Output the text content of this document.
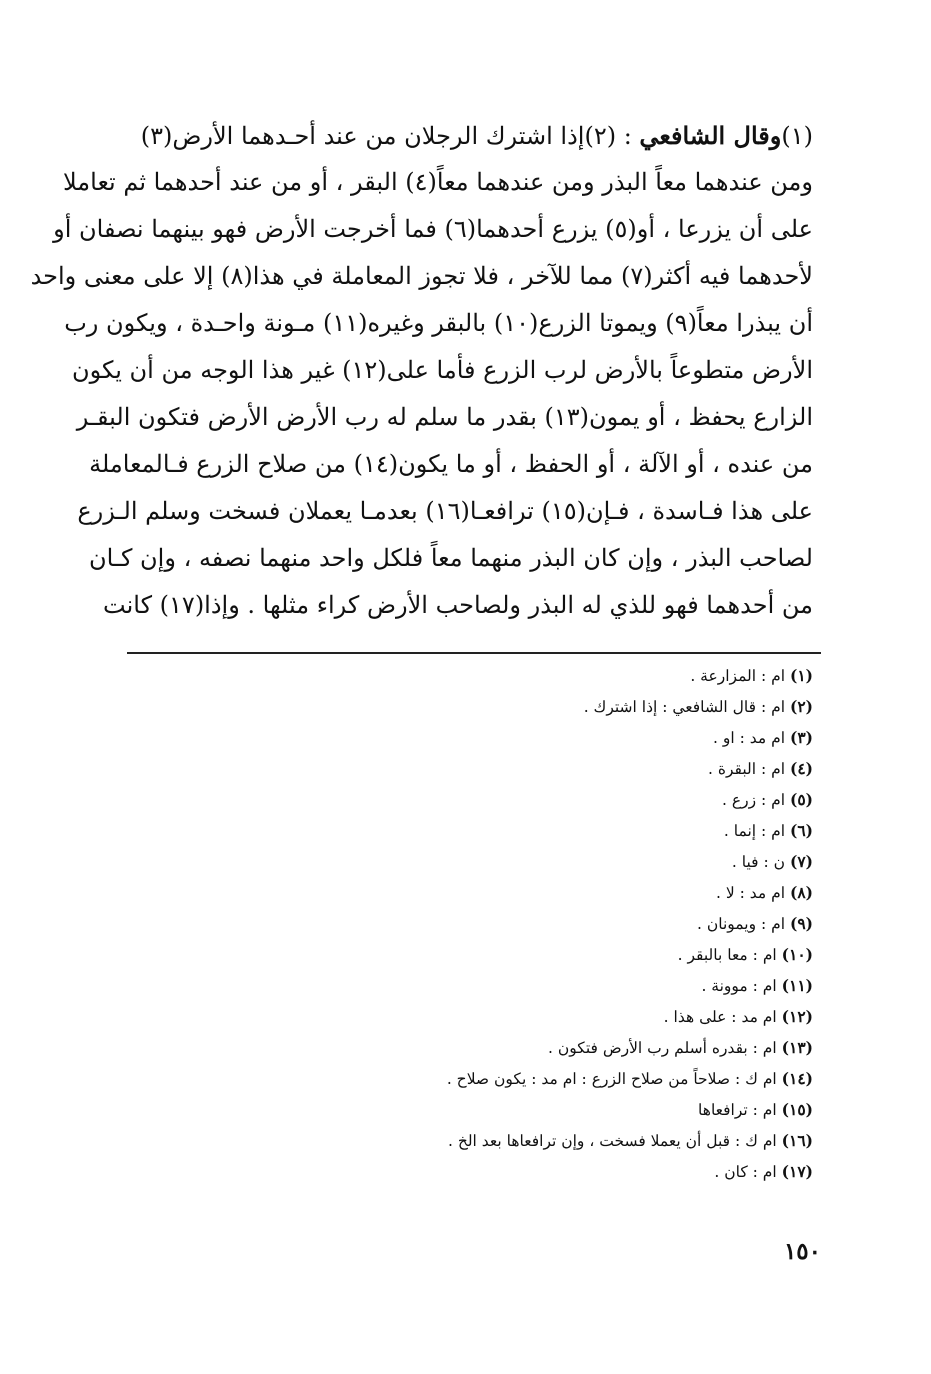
(١)وقال الشافعي : (٢)إذا اشترك الرجلان من عند أحـدهما الأرض(٣)
ومن عندهما معاً البذر ومن عندهما معاً(٤) البقر ، أو من عند أحدهما ثم تعاملا
على أن يزرعا ، أو(٥) يزرع أحدهما(٦) فما أخرجت الأرض فهو بينهما نصفان أو
لأحدهما فيه أكثر(٧) مما للآخر ، فلا تجوز المعاملة في هذا(٨) إلا على معنى واحد
أن يبذرا معاً(٩) ويموتا الزرع(١٠) بالبقر وغيره(١١) مـونة واحـدة ، ويكون رب
الأرض متطوعاً بالأرض لرب الزرع فأما على(١٢) غير هذا الوجه من أن يكون
الزارع يحفظ ، أو يمون(١٣) بقدر ما سلم له رب الأرض الأرض فتكون البقـر
من عنده ، أو الآلة ، أو الحفظ ، أو ما يكون(١٤) من صلاح الزرع فـالمعاملة
على هذا فـاسدة ، فـإن(١٥) ترافعـا(١٦) بعدمـا يعملان فسخت وسلم الـزرع
لصاحب البذر ، وإن كان البذر منهما معاً فلكل واحد منهما نصفه ، وإن كـان
من أحدهما فهو للذي له البذر ولصاحب الأرض كراء مثلها . وإذا(١٧) كانت
(١) ام : المزارعة .
(٢) ام : قال الشافعي : إذا اشترك .
(٣) ام مد : او .
(٤) ام : البقرة .
(٥) ام : زرع .
(٦) ام : إنما .
(٧) ن : فيا .
(٨) ام مد : لا .
(٩) ام : ويمونان .
(١٠) ام : معا بالبقر .
(١١) ام : موونة .
(١٢) ام مد : على هذا .
(١٣) ام : بقدره أسلم رب الأرض فتكون .
(١٤) ام ك : صلاحاً من صلاح الزرع : ام مد : يكون صلاح .
(١٥) ام : ترافعاها
(١٦) ام ك : قبل أن يعملا فسخت ، وإن ترافعاها بعد الخ .
(١٧) ام : كان .
١٥٠
